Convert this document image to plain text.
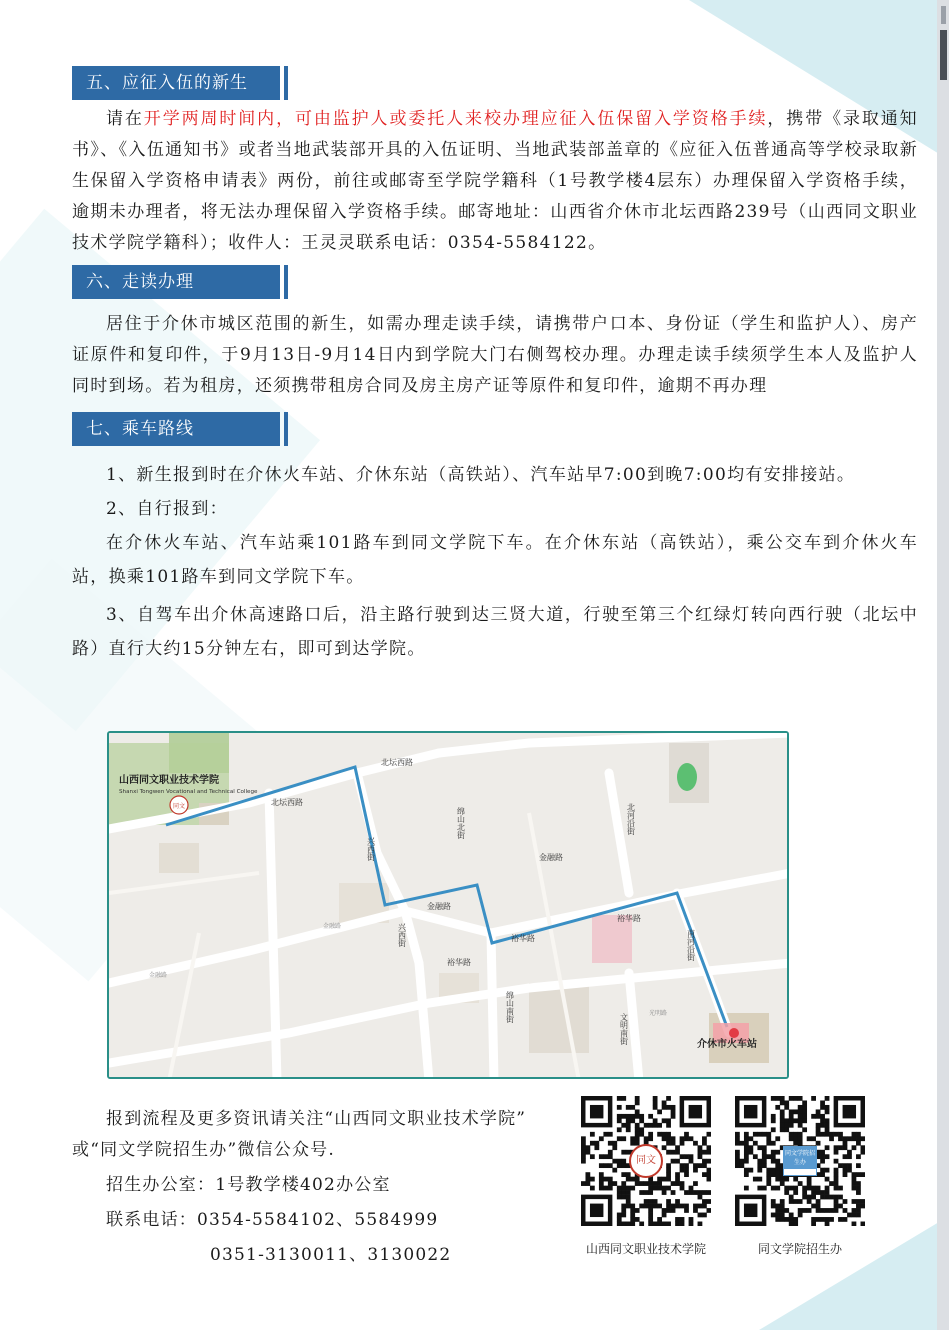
五、应征入伍的新生

请在开学两周时间内，可由监护人或委托人来校办理应征入伍保留入学资格手续，携带《录取通知书》、《入伍通知书》或者当地武装部开具的入伍证明、当地武装部盖章的《应征入伍普通高等学校录取新生保留入学资格申请表》两份，前往或邮寄至学院学籍科（1号教学楼4层东）办理保留入学资格手续，逾期未办理者，将无法办理保留入学资格手续。邮寄地址：山西省介休市北坛西路239号（山西同文职业技术学院学籍科）；收件人：王灵灵联系电话：0354-5584122。

六、走读办理

居住于介休市城区范围的新生，如需办理走读手续，请携带户口本、身份证（学生和监护人）、房产证原件和复印件，于9月13日-9月14日内到学院大门右侧驾校办理。办理走读手续须学生本人及监护人同时到场。若为租房，还须携带租房合同及房主房产证等原件和复印件，逾期不再办理

七、乘车路线

1、新生报到时在介休火车站、介休东站（高铁站）、汽车站早7:00到晚7:00均有安排接站。

2、自行报到：

在介休火车站、汽车站乘101路车到同文学院下车。在介休东站（高铁站），乘公交车到介休火车站，换乘101路车到同文学院下车。

3、自驾车出介休高速路口后，沿主路行驶到达三贤大道，行驶至第三个红绿灯转向西行驶（北坛中路）直行大约15分钟左右，即可到达学院。

山西同文职业技术学院
Shanxi Tongwen Vocational and Technical College
同文
北坛西路
北坛西路
金融路
金融路
金融路
金融路
裕华路
裕华路
裕华路
光明路
兴西街
兴西街
绵山北街	北河沿街
南河沿街
绵山南街
文明南街	介休市火车站

报到流程及更多资讯请关注“山西同文职业技术学院”

或“同文学院招生办”微信公众号.

招生办公室：1号教学楼402办公室

联系电话：0354-5584102、5584999

0351-3130011、3130022

同文
山西同文职业技术学院
同文学院招生办
同文学院招生办
